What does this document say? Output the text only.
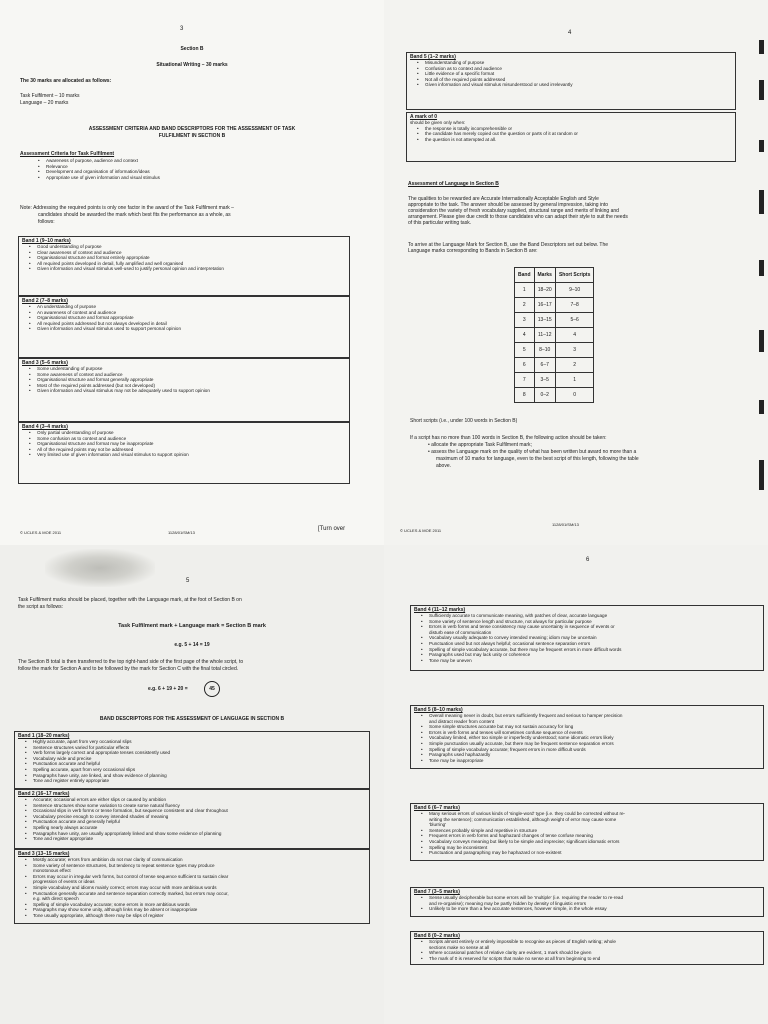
3
Section B
Situational Writing – 30 marks
The 30 marks are allocated as follows:
Task Fulfilment – 10 marks
Language – 20 marks
ASSESSMENT CRITERIA AND BAND DESCRIPTORS FOR THE ASSESSMENT OF TASK
FULFILMENT IN SECTION B
Assessment Criteria for Task Fulfilment
• Awareness of purpose, audience and context
• Relevance
• Development and organisation of information/ideas
• Appropriate use of given information and visual stimulus
Note: Addressing the required points is only one factor in the award of the Task Fulfilment mark –
candidates should be awarded the mark which best fits the performance as a whole, as
follows:
Band 1 (9–10 marks)
• Good understanding of purpose
• Clear awareness of context and audience
• Organisational structure and format entirely appropriate
• All required points developed in detail, fully amplified and well organised
• Given information and visual stimulus well-used to justify personal opinion and interpretation
Band 2 (7–8 marks)
• An understanding of purpose
• An awareness of context and audience
• Organisational structure and format appropriate
• All required points addressed but not always developed in detail
• Given information and visual stimulus used to support personal opinion
Band 3 (5–6 marks)
• Some understanding of purpose
• Some awareness of context and audience
• Organisational structure and format generally appropriate
• Most of the required points addressed (but not developed)
• Given information and visual stimulus may not be adequately used to support opinion
Band 4 (3–4 marks)
• Only partial understanding of purpose
• Some confusion as to context and audience
• Organisational structure and format may be inappropriate
• All of the required points may not be addressed
• Very limited use of given information and visual stimulus to support opinion
© UCLES & MOE 2011	1128/01/SM/13
[Turn over
4
Band 5 (1–2 marks)
• Misunderstanding of purpose
• Confusion as to context and audience
• Little evidence of a specific format
• Not all of the required points addressed
• Given information and visual stimulus misunderstood or used irrelevantly
A mark of 0
should be given only when:
• the response is totally incomprehensible or
• the candidate has merely copied out the question or parts of it at random or
• the question is not attempted at all.
Assessment of Language in Section B
The qualities to be rewarded are Accurate Internationally Acceptable English and Style
appropriate to the task. The answer should be assessed by general impression, taking into
consideration the variety of fresh vocabulary supplied, structural range and merits of linking and
arrangement. Please give due credit to those candidates who can adapt their style to suit the needs
of this particular writing task.
To arrive at the Language Mark for Section B, use the Band Descriptors set out below. The
Language marks corresponding to Bands in Section B are:
Band	Marks	Short Scripts
1	18–20	9–10
2	16–17	7–8
3	13–15	5–6
4	11–12	4
5	8–10	3
6	6–7	2
7	3–5	1
8	0–2	0
Short scripts (i.e., under 100 words in Section B)
If a script has no more than 100 words in Section B, the following action should be taken:
• allocate the appropriate Task Fulfilment mark;
• assess the Language mark on the quality of what has been written but award no more than a
maximum of 10 marks for language, even to the best script of this length, following the table
above.
© UCLES & MOE 2011
1128/01/SM/13
5
Task Fulfilment marks should be placed, together with the Language mark, at the foot of Section B on
the script as follows:
Task Fulfilment mark + Language mark = Section B mark
e.g. 5 + 14 = 19
The Section B total is then transferred to the top right-hand side of the first page of the whole script, to
follow the mark for Section A and to be followed by the mark for Section C with the final total circled.
e.g. 6 + 19 + 20 =	45
BAND DESCRIPTORS FOR THE ASSESSMENT OF LANGUAGE IN SECTION B
Band 1 (18–20 marks)
• Highly accurate, apart from very occasional slips
• Sentence structures varied for particular effects
• Verb forms largely correct and appropriate tenses consistently used
• Vocabulary wide and precise
• Punctuation accurate and helpful
• Spelling accurate, apart from very occasional slips
• Paragraphs have unity, are linked, and show evidence of planning
• Tone and register entirely appropriate
Band 2 (16–17 marks)
• Accurate; occasional errors are either slips or caused by ambition
• Sentence structures show some variation to create some natural fluency
• Occasional slips in verb forms or tense formation, but sequence consistent and clear throughout
• Vocabulary precise enough to convey intended shades of meaning
• Punctuation accurate and generally helpful
• Spelling nearly always accurate
• Paragraphs have unity, are usually appropriately linked and show some evidence of planning
• Tone and register appropriate
Band 3 (13–15 marks)
• Mostly accurate; errors from ambition do not mar clarity of communication
• Some variety of sentence structures, but tendency to repeat sentence types may produce
monotonous effect
• Errors may occur in irregular verb forms, but control of tense sequence sufficient to sustain clear
progression of events or ideas
• Simple vocabulary and idioms mainly correct; errors may occur with more ambitious words
• Punctuation generally accurate and sentence separation correctly marked, but errors may occur,
e.g. with direct speech
• Spelling of simple vocabulary accurate; some errors in more ambitious words
• Paragraphs may show some unity, although links may be absent or inappropriate
• Tone usually appropriate, although there may be slips of register
6
Band 4 (11–12 marks)
• Sufficiently accurate to communicate meaning, with patches of clear, accurate language
• Some variety of sentence length and structure, not always for particular purpose
• Errors in verb forms and tense consistency may cause uncertainty in sequence of events or
disturb ease of communication
• Vocabulary usually adequate to convey intended meaning; idiom may be uncertain
• Punctuation used but not always helpful; occasional sentence separation errors
• Spelling of simple vocabulary accurate, but there may be frequent errors in more difficult words
• Paragraphs used but may lack unity or coherence
• Tone may be uneven
Band 5 (8–10 marks)
• Overall meaning never in doubt, but errors sufficiently frequent and serious to hamper precision
and distract reader from content
• Some simple structures accurate but may not sustain accuracy for long
• Errors in verb forms and tenses will sometimes confuse sequence of events
• Vocabulary limited, either too simple or imperfectly understood; some idiomatic errors likely
• Simple punctuation usually accurate, but there may be frequent sentence separation errors
• Spelling of simple vocabulary accurate; frequent errors in more difficult words
• Paragraphs used haphazardly
• Tone may be inappropriate
Band 6 (6–7 marks)
• Many serious errors of various kinds of 'single-word' type (i.e. they could be corrected without re-
writing the sentence); communication established, although weight of error may cause some
'blurring'
• Sentences probably simple and repetitive in structure
• Frequent errors in verb forms and haphazard changes of tense confuse meaning
• Vocabulary conveys meaning but likely to be simple and imprecise; significant idiomatic errors
• Spelling may be inconsistent
• Punctuation and paragraphing may be haphazard or non-existent
Band 7 (3–5 marks)
• Sense usually decipherable but some errors will be 'multiple' (i.e. requiring the reader to re-read
and re-organise); meaning may be partly hidden by density of linguistic errors
• Unlikely to be more than a few accurate sentences, however simple, in the whole essay
Band 8 (0–2 marks)
• Scripts almost entirely or entirely impossible to recognise as pieces of English writing; whole
sections make no sense at all
• Where occasional patches of relative clarity are evident, 1 mark should be given
• The mark of 0 is reserved for scripts that make no sense at all from beginning to end
